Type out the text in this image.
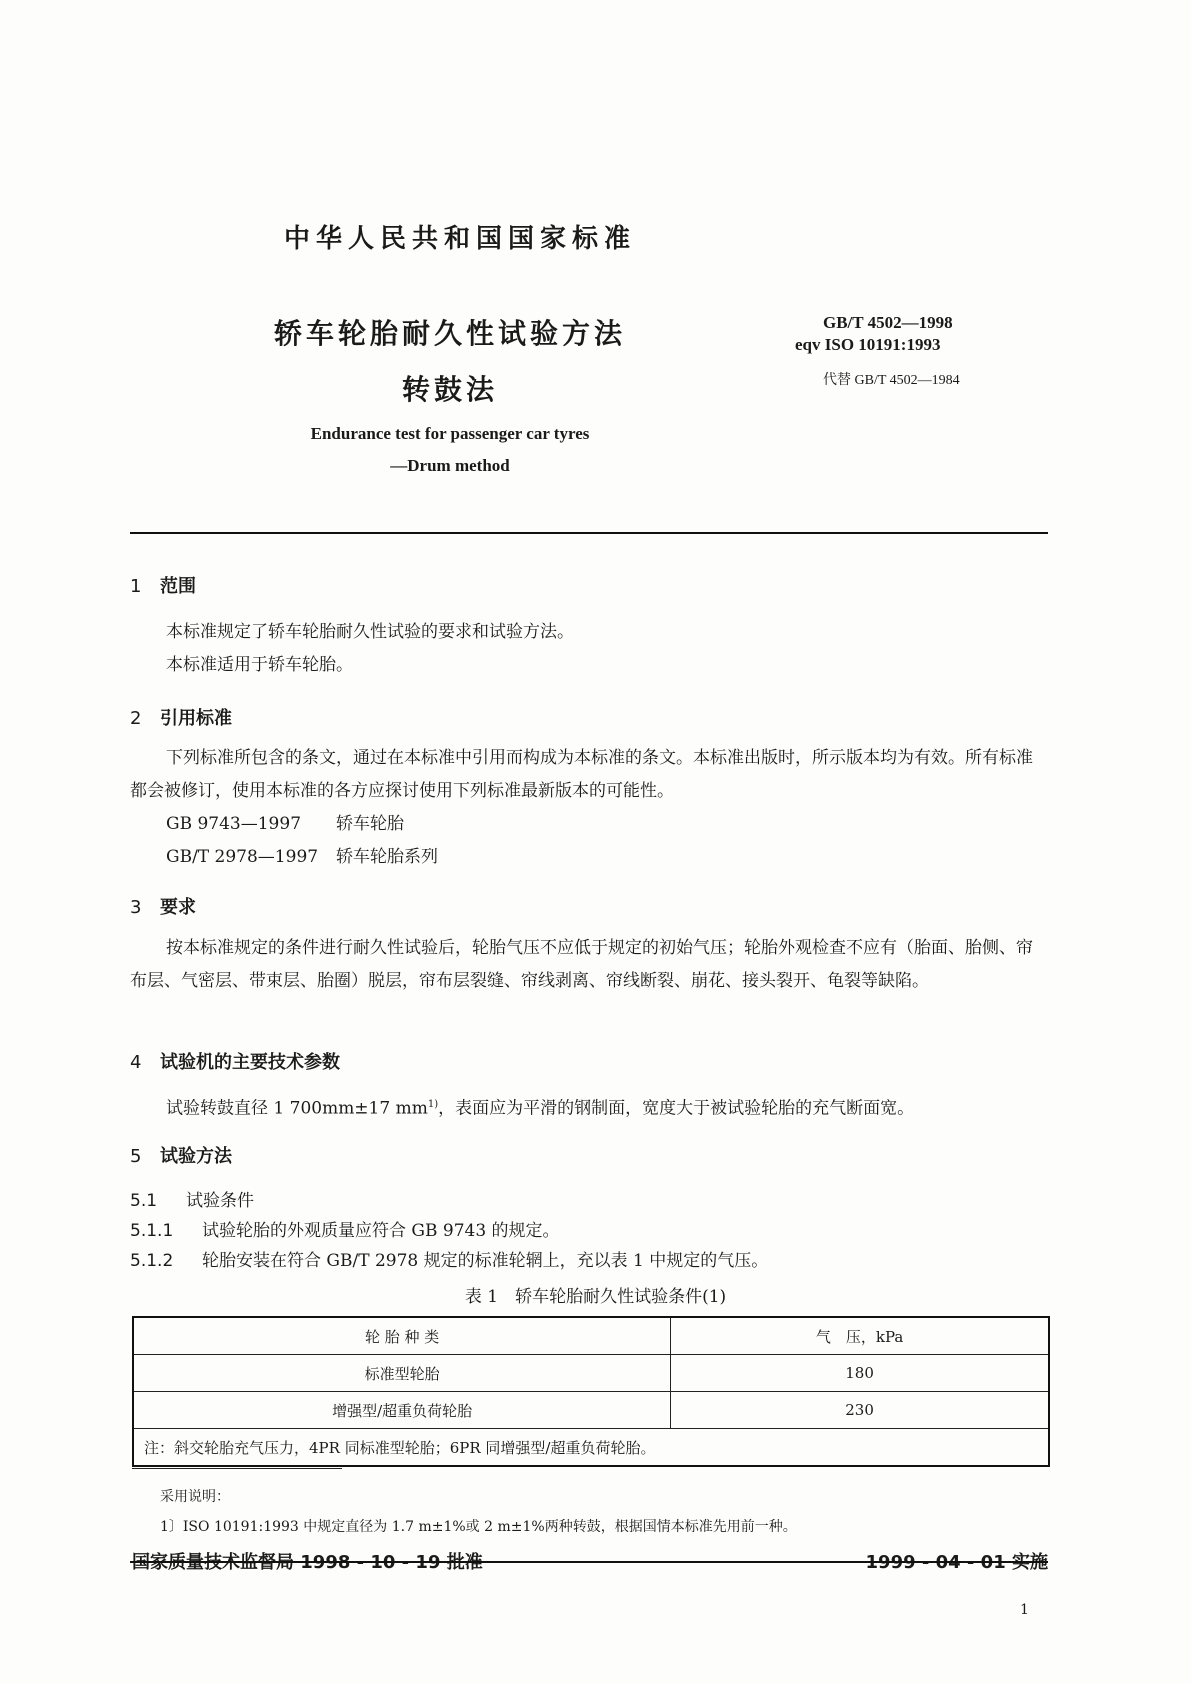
中华人民共和国国家标准
轿车轮胎耐久性试验方法
转鼓法
Endurance test for passenger car tyres
—Drum method
GB/T 4502—1998
eqv ISO 10191:1993
代替 GB/T 4502—1984
1 范围
本标准规定了轿车轮胎耐久性试验的要求和试验方法。
本标准适用于轿车轮胎。
2 引用标准
下列标准所包含的条文，通过在本标准中引用而构成为本标准的条文。本标准出版时，所示版本均为有效。所有标准都会被修订，使用本标准的各方应探讨使用下列标准最新版本的可能性。
GB 9743—1997 轿车轮胎
GB/T 2978—1997 轿车轮胎系列
3 要求
按本标准规定的条件进行耐久性试验后，轮胎气压不应低于规定的初始气压；轮胎外观检查不应有（胎面、胎侧、帘布层、气密层、带束层、胎圈）脱层，帘布层裂缝、帘线剥离、帘线断裂、崩花、接头裂开、龟裂等缺陷。
4 试验机的主要技术参数
试验转鼓直径 1 700mm±17 $mm^{1)}$，表面应为平滑的钢制面，宽度大于被试验轮胎的充气断面宽。
5 试验方法
5.1 试验条件
5.1.1 试验轮胎的外观质量应符合 GB 9743 的规定。
5.1.2 轮胎安装在符合 GB/T 2978 规定的标准轮辋上，充以表 1 中规定的气压。
表 1　轿车轮胎耐久性试验条件(1)
轮 胎 种 类	气　压，kPa
标准型轮胎	180
增强型/超重负荷轮胎	230
注：斜交轮胎充气压力，4PR 同标准型轮胎；6PR 同增强型/超重负荷轮胎。	
采用说明：
1〕ISO 10191:1993 中规定直径为 1.7 m±1%或 2 m±1%两种转鼓，根据国情本标准先用前一种。
国家质量技术监督局 1998 - 10 - 19 批准	1999 - 04 - 01 实施
1
